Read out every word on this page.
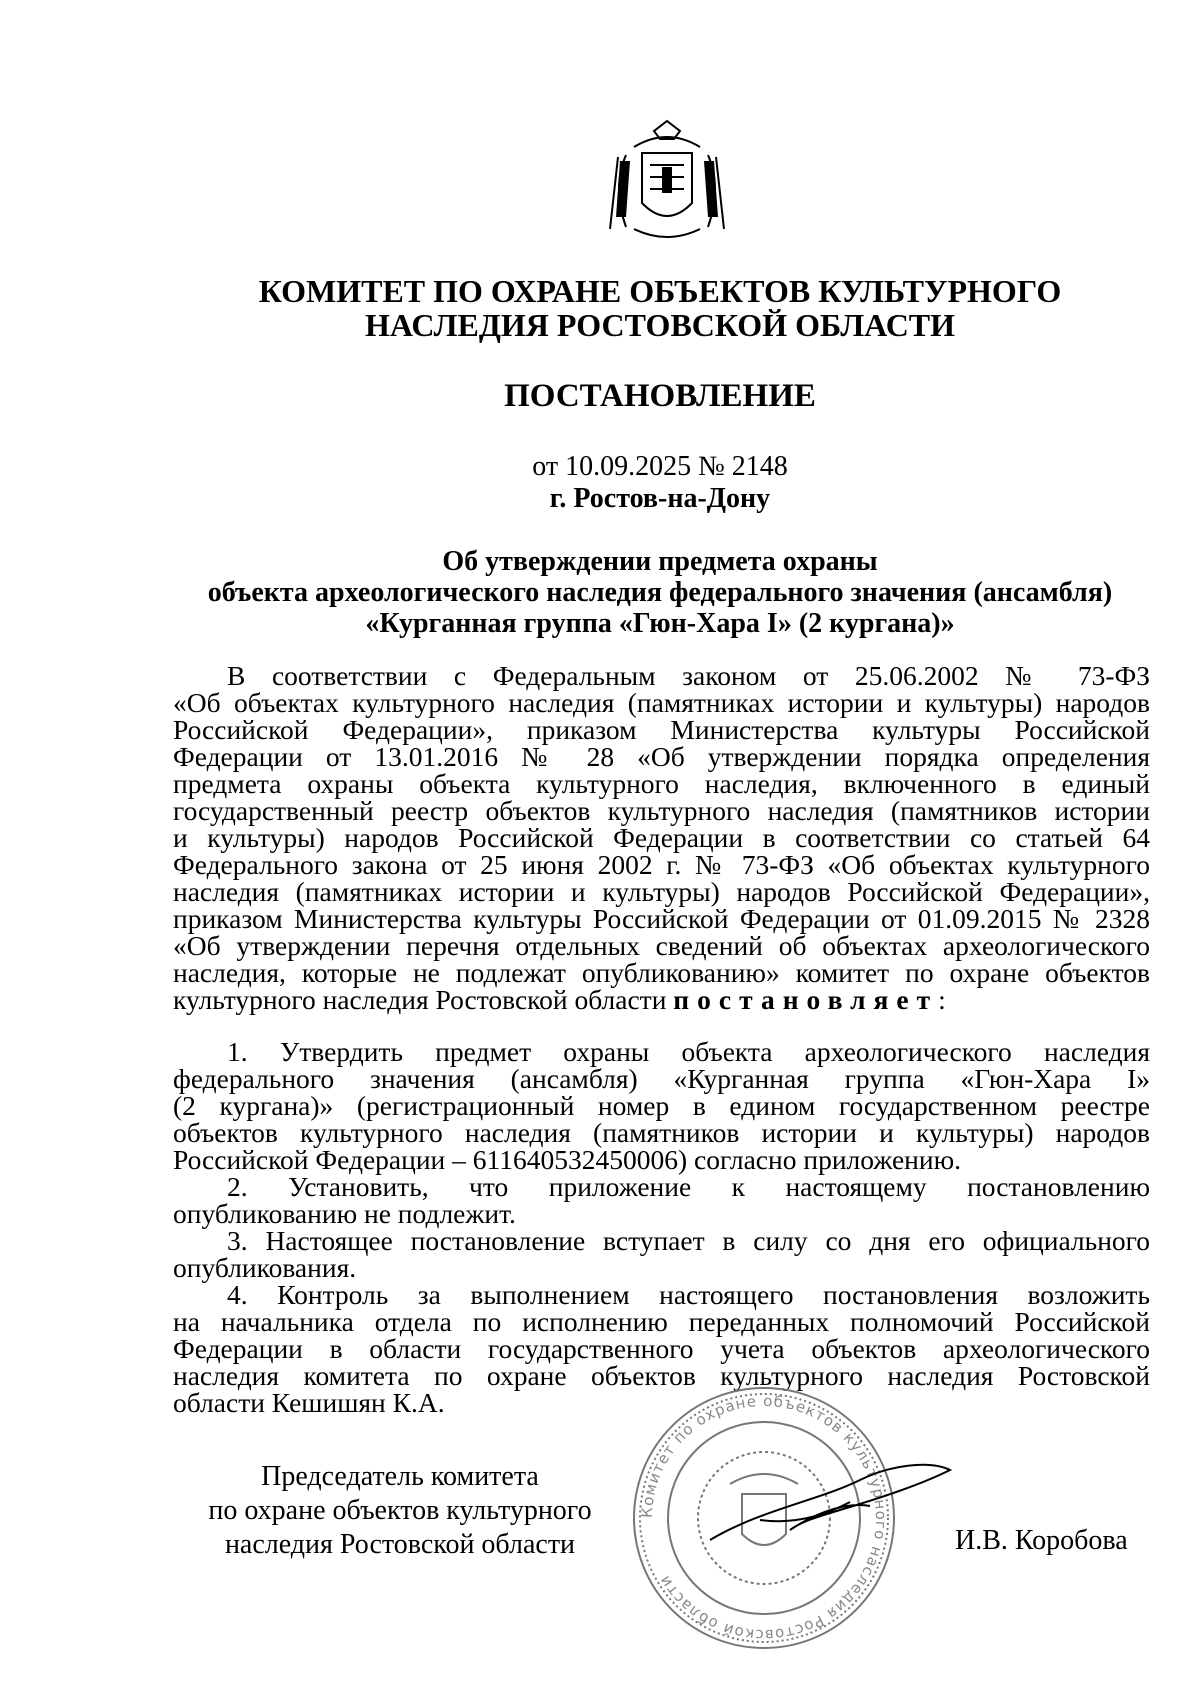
КОМИТЕТ ПО ОХРАНЕ ОБЪЕКТОВ КУЛЬТУРНОГО
НАСЛЕДИЯ РОСТОВСКОЙ ОБЛАСТИ
ПОСТАНОВЛЕНИЕ
от 10.09.2025 № 2148
г. Ростов-на-Дону
Об утверждении предмета охраны
объекта археологического наследия федерального значения (ансамбля)
«Курганная группа «Гюн-Хара I» (2 кургана)»
В соответствии с Федеральным законом от 25.06.2002 № 73-ФЗ
«Об объектах культурного наследия (памятниках истории и культуры) народов
Российской Федерации», приказом Министерства культуры Российской
Федерации от 13.01.2016 № 28 «Об утверждении порядка определения
предмета охраны объекта культурного наследия, включенного в единый
государственный реестр объектов культурного наследия (памятников истории
и культуры) народов Российской Федерации в соответствии со статьей 64
Федерального закона от 25 июня 2002 г. № 73-ФЗ «Об объектах культурного
наследия (памятниках истории и культуры) народов Российской Федерации»,
приказом Министерства культуры Российской Федерации от 01.09.2015 № 2328
«Об утверждении перечня отдельных сведений об объектах археологического
наследия, которые не подлежат опубликованию» комитет по охране объектов
культурного наследия Ростовской области постановляет:
1. Утвердить предмет охраны объекта археологического наследия
федерального значения (ансамбля) «Курганная группа «Гюн-Хара I»
(2 кургана)» (регистрационный номер в едином государственном реестре
объектов культурного наследия (памятников истории и культуры) народов
Российской Федерации – 611640532450006) согласно приложению.
2. Установить, что приложение к настоящему постановлению
опубликованию не подлежит.
3. Настоящее постановление вступает в силу со дня его официального
опубликования.
4. Контроль за выполнением настоящего постановления возложить
на начальника отдела по исполнению переданных полномочий Российской
Федерации в области государственного учета объектов археологического
наследия комитета по охране объектов культурного наследия Ростовской
области Кешишян К.А.
Комитет по охране объектов культурного наследия Ростовской области
Председатель комитета
по охране объектов культурного
наследия Ростовской области	И.В. Коробова
